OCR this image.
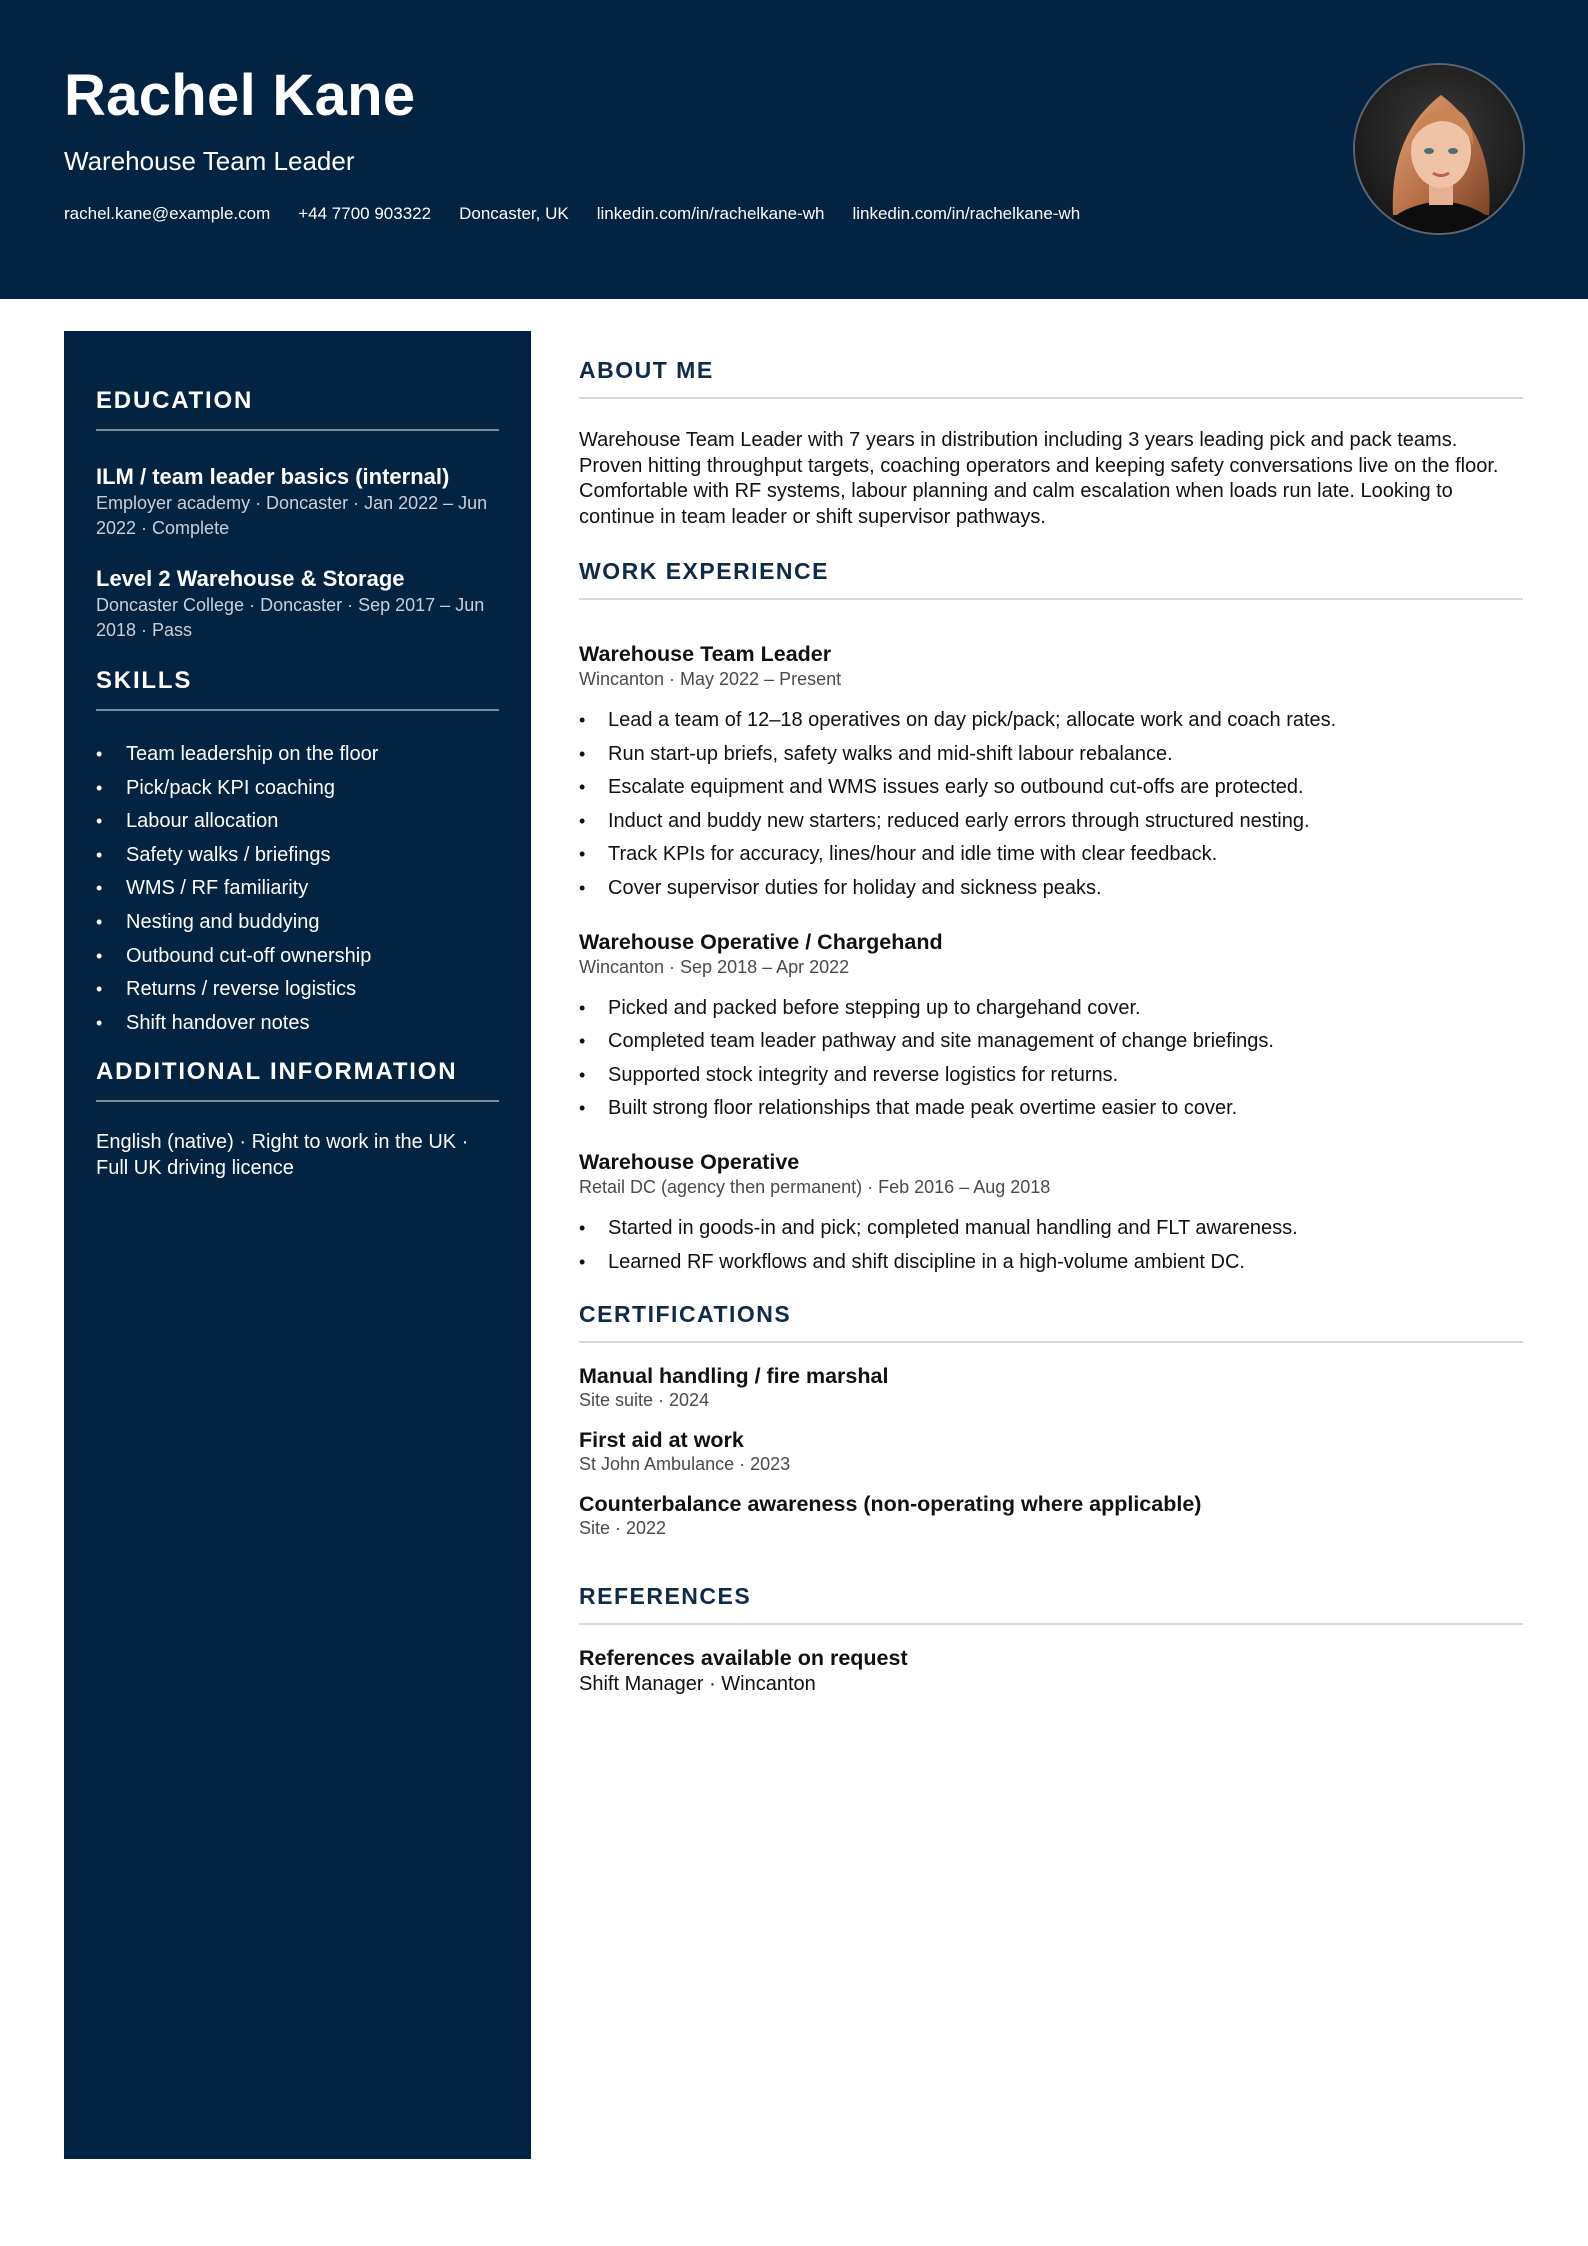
Rachel Kane
Warehouse Team Leader
rachel.kane@example.com +44 7700 903322 Doncaster, UK linkedin.com/in/rachelkane-wh linkedin.com/in/rachelkane-wh
EDUCATION
ILM / team leader basics (internal)
Employer academy · Doncaster · Jan 2022 – Jun 2022 · Complete
Level 2 Warehouse & Storage
Doncaster College · Doncaster · Sep 2017 – Jun 2018 · Pass
SKILLS
• Team leadership on the floor
• Pick/pack KPI coaching
• Labour allocation
• Safety walks / briefings
• WMS / RF familiarity
• Nesting and buddying
• Outbound cut-off ownership
• Returns / reverse logistics
• Shift handover notes
ADDITIONAL INFORMATION
English (native) · Right to work in the UK · Full UK driving licence
ABOUT ME
Warehouse Team Leader with 7 years in distribution including 3 years leading pick and pack teams. Proven hitting throughput targets, coaching operators and keeping safety conversations live on the floor. Comfortable with RF systems, labour planning and calm escalation when loads run late. Looking to continue in team leader or shift supervisor pathways.
WORK EXPERIENCE
Warehouse Team Leader
Wincanton · May 2022 – Present
• Lead a team of 12–18 operatives on day pick/pack; allocate work and coach rates.
• Run start-up briefs, safety walks and mid-shift labour rebalance.
• Escalate equipment and WMS issues early so outbound cut-offs are protected.
• Induct and buddy new starters; reduced early errors through structured nesting.
• Track KPIs for accuracy, lines/hour and idle time with clear feedback.
• Cover supervisor duties for holiday and sickness peaks.
Warehouse Operative / Chargehand
Wincanton · Sep 2018 – Apr 2022
• Picked and packed before stepping up to chargehand cover.
• Completed team leader pathway and site management of change briefings.
• Supported stock integrity and reverse logistics for returns.
• Built strong floor relationships that made peak overtime easier to cover.
Warehouse Operative
Retail DC (agency then permanent) · Feb 2016 – Aug 2018
• Started in goods-in and pick; completed manual handling and FLT awareness.
• Learned RF workflows and shift discipline in a high-volume ambient DC.
CERTIFICATIONS
Manual handling / fire marshal
Site suite · 2024
First aid at work
St John Ambulance · 2023
Counterbalance awareness (non-operating where applicable)
Site · 2022
REFERENCES
References available on request
Shift Manager · Wincanton
